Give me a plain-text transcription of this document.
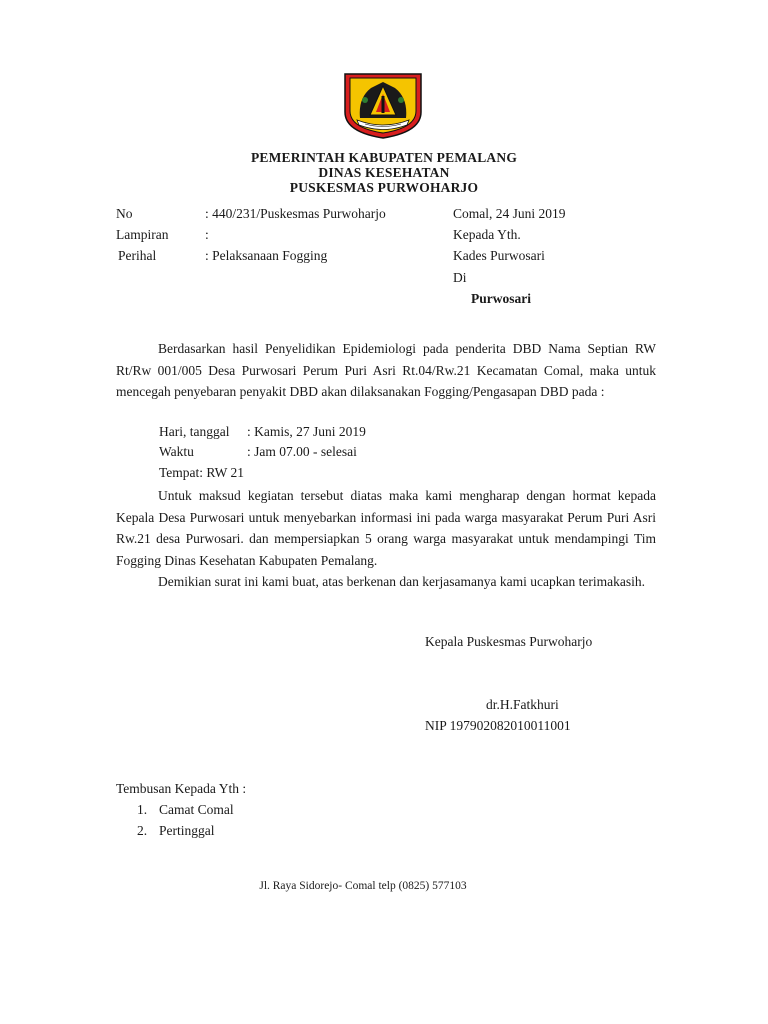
PEMERINTAH KABUPATEN PEMALANG
DINAS KESEHATAN
PUSKESMAS PURWOHARJO
No	: 440/231/Puskesmas Purwoharjo
Lampiran	:
Perihal	: Pelaksanaan Fogging
Comal, 24 Juni 2019
Kepada Yth.
Kades Purwosari
Di
Purwosari
Berdasarkan hasil Penyelidikan Epidemiologi pada penderita DBD Nama Septian RW Rt/Rw 001/005 Desa Purwosari Perum Puri Asri Rt.04/Rw.21 Kecamatan Comal, maka untuk mencegah penyebaran penyakit DBD akan dilaksanakan Fogging/Pengasapan DBD pada :
Hari, tanggal : Kamis, 27 Juni 2019
Waktu	: Jam 07.00 - selesai
Tempat: RW 21
Untuk maksud kegiatan tersebut diatas maka kami mengharap dengan hormat kepada Kepala Desa Purwosari untuk menyebarkan informasi ini pada warga masyarakat Perum Puri Asri Rw.21 desa Purwosari. dan mempersiapkan 5 orang warga masyarakat untuk mendampingi Tim Fogging Dinas Kesehatan Kabupaten Pemalang.
Demikian surat ini kami buat, atas berkenan dan kerjasamanya kami ucapkan terimakasih.
Kepala Puskesmas Purwoharjo
dr.H.Fatkhuri
NIP 197902082010011001
Tembusan Kepada Yth :
1. Camat Comal
2. Pertinggal
Jl. Raya Sidorejo- Comal telp (0825) 577103
